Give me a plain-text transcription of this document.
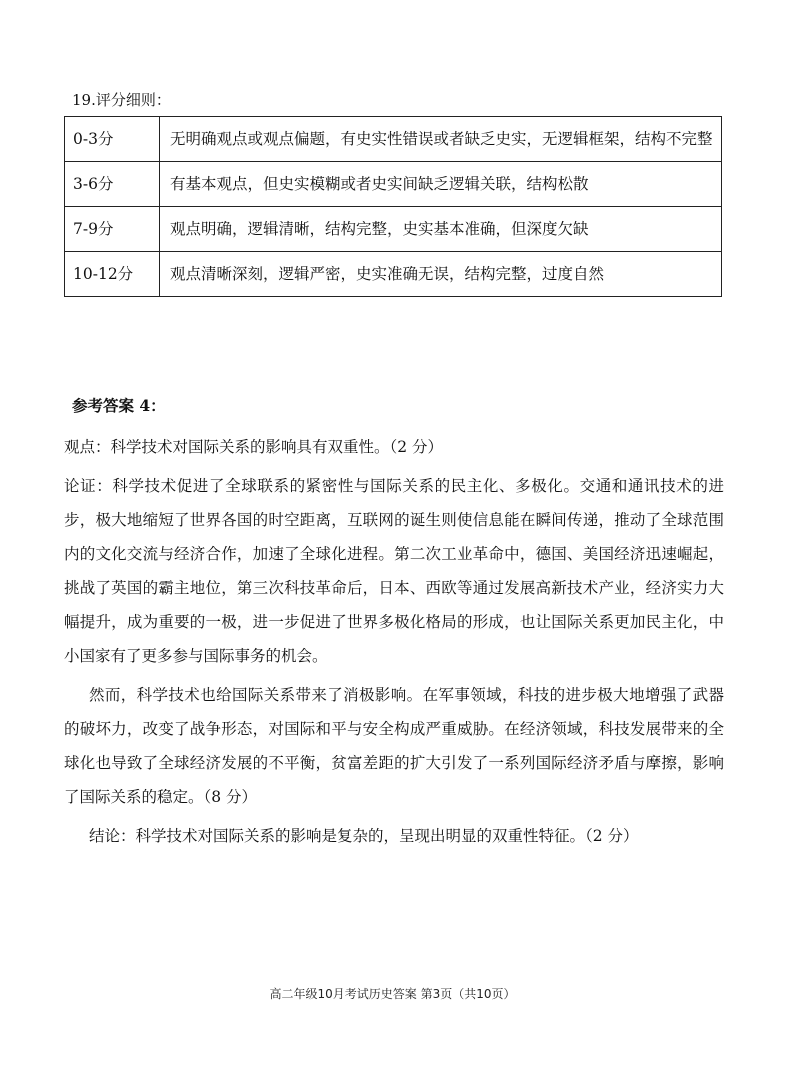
19.评分细则：
0-3分	无明确观点或观点偏题，有史实性错误或者缺乏史实，无逻辑框架，结构不完整
3-6分	有基本观点，但史实模糊或者史实间缺乏逻辑关联，结构松散
7-9分	观点明确，逻辑清晰，结构完整，史实基本准确，但深度欠缺
10-12分	观点清晰深刻，逻辑严密，史实准确无误，结构完整，过度自然
参考答案 4：

观点：科学技术对国际关系的影响具有双重性。（2 分）

论证：科学技术促进了全球联系的紧密性与国际关系的民主化、多极化。交通和通讯技术的进步，极大地缩短了世界各国的时空距离，互联网的诞生则使信息能在瞬间传递，推动了全球范围内的文化交流与经济合作，加速了全球化进程。第二次工业革命中，德国、美国经济迅速崛起，挑战了英国的霸主地位，第三次科技革命后，日本、西欧等通过发展高新技术产业，经济实力大幅提升，成为重要的一极，进一步促进了世界多极化格局的形成，也让国际关系更加民主化，中小国家有了更多参与国际事务的机会。

然而，科学技术也给国际关系带来了消极影响。在军事领域，科技的进步极大地增强了武器的破坏力，改变了战争形态，对国际和平与安全构成严重威胁。在经济领域，科技发展带来的全球化也导致了全球经济发展的不平衡，贫富差距的扩大引发了一系列国际经济矛盾与摩擦，影响了国际关系的稳定。（8 分）

结论：科学技术对国际关系的影响是复杂的，呈现出明显的双重性特征。（2 分）

高二年级10月考试历史答案 第3页（共10页）
